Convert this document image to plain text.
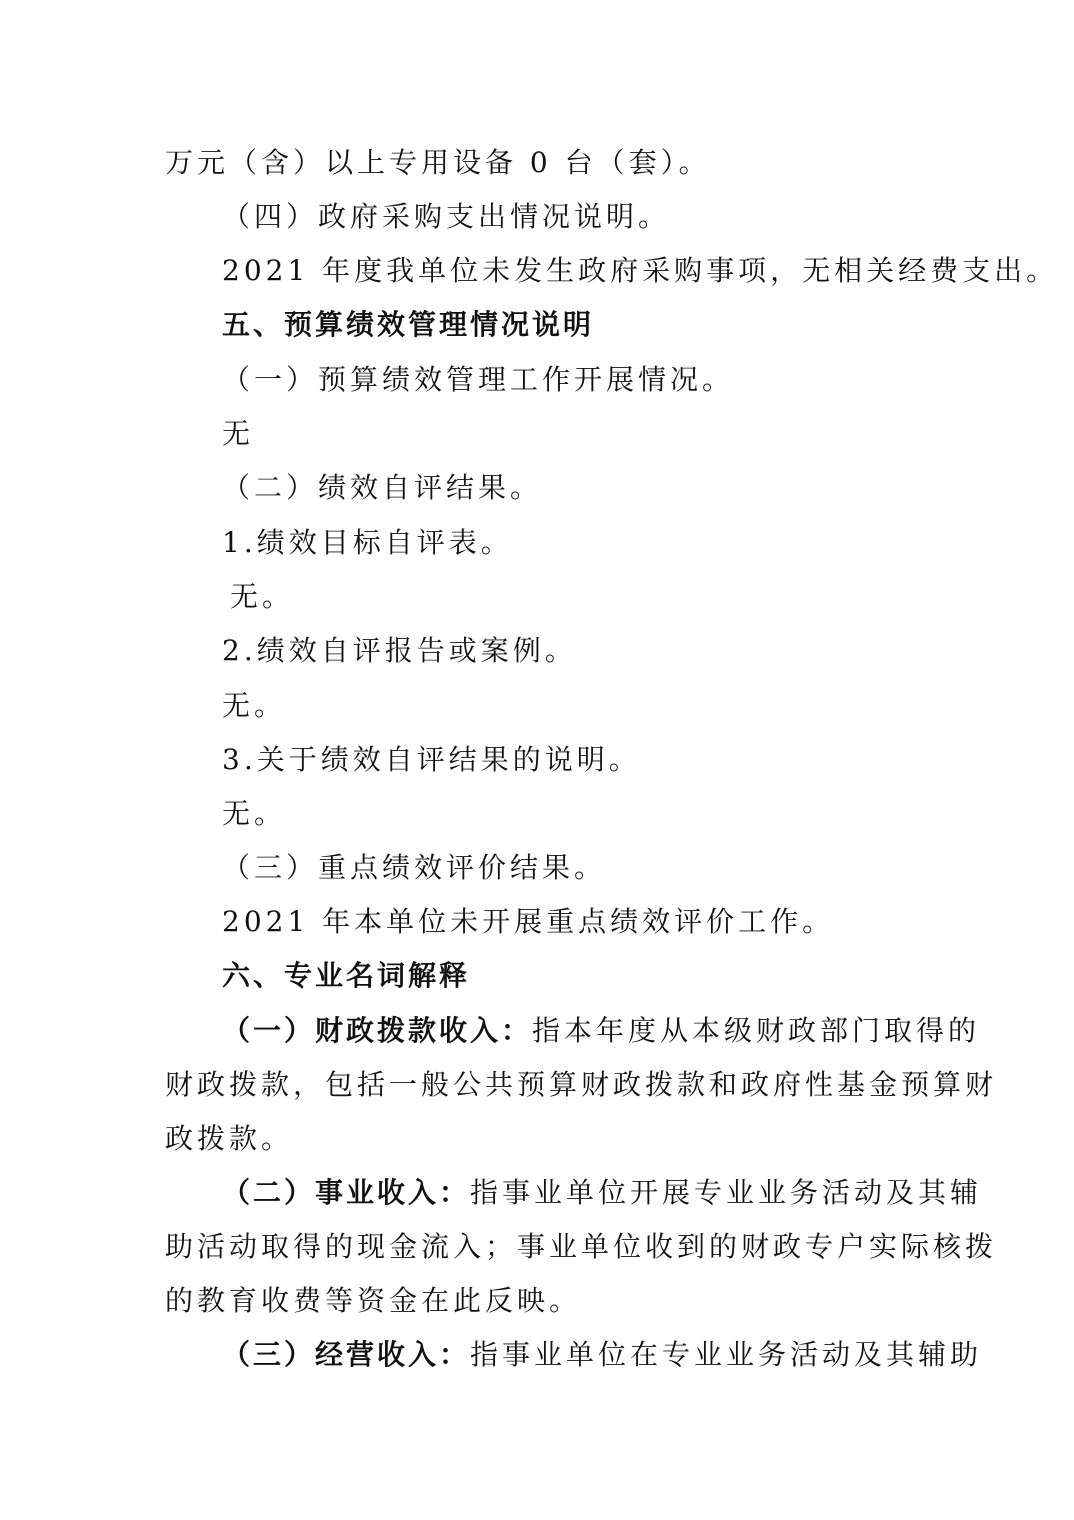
万元（含）以上专用设备 0 台（套）。
（四）政府采购支出情况说明。
2021 年度我单位未发生政府采购事项，无相关经费支出。
五、预算绩效管理情况说明
（一）预算绩效管理工作开展情况。
无
（二）绩效自评结果。
1.绩效目标自评表。
无。
2.绩效自评报告或案例。
无。
3.关于绩效自评结果的说明。
无。
（三）重点绩效评价结果。
2021 年本单位未开展重点绩效评价工作。
六、专业名词解释
（一）财政拨款收入：指本年度从本级财政部门取得的
财政拨款，包括一般公共预算财政拨款和政府性基金预算财
政拨款。
（二）事业收入：指事业单位开展专业业务活动及其辅
助活动取得的现金流入；事业单位收到的财政专户实际核拨
的教育收费等资金在此反映。
（三）经营收入：指事业单位在专业业务活动及其辅助
